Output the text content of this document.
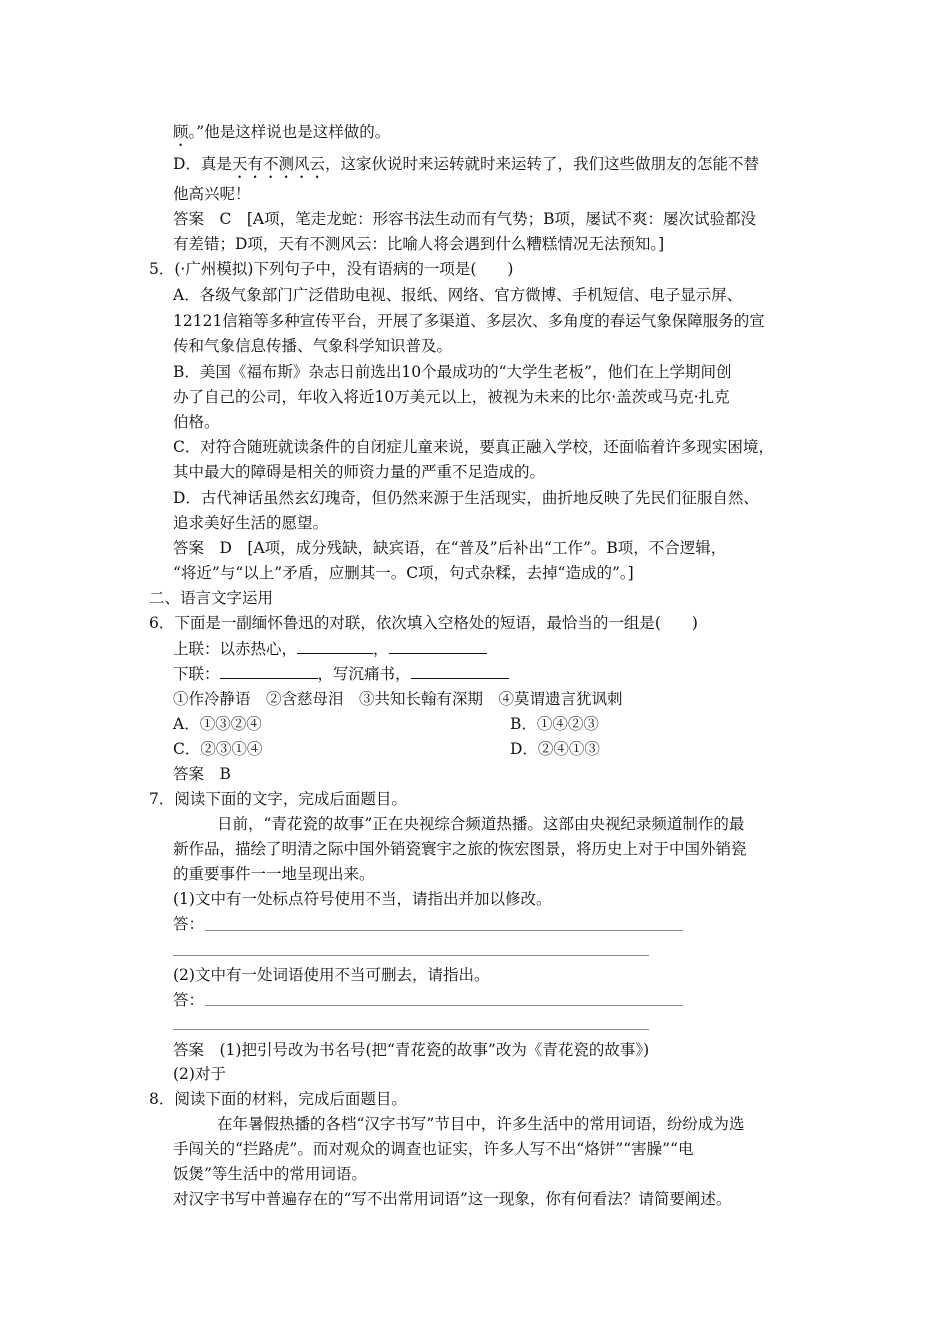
顾。”他是这样说也是这样做的。
D．真是天有不测风云，这家伙说时来运转就时来运转了，我们这些做朋友的怎能不替
他高兴呢！
答案　C　[A项，笔走龙蛇：形容书法生动而有气势；B项，屡试不爽：屡次试验都没
有差错；D项，天有不测风云：比喻人将会遇到什么糟糕情况无法预知。]
5．(·广州模拟)下列句子中，没有语病的一项是(　　)
A．各级气象部门广泛借助电视、报纸、网络、官方微博、手机短信、电子显示屏、
12121信箱等多种宣传平台，开展了多渠道、多层次、多角度的春运气象保障服务的宣
传和气象信息传播、气象科学知识普及。
B．美国《福布斯》杂志日前选出10个最成功的“大学生老板”，他们在上学期间创
办了自己的公司，年收入将近10万美元以上，被视为未来的比尔·盖茨或马克·扎克
伯格。
C．对符合随班就读条件的自闭症儿童来说，要真正融入学校，还面临着许多现实困境，
其中最大的障碍是相关的师资力量的严重不足造成的。
D．古代神话虽然玄幻瑰奇，但仍然来源于生活现实，曲折地反映了先民们征服自然、
追求美好生活的愿望。
答案　D　[A项，成分残缺，缺宾语，在“普及”后补出“工作”。B项，不合逻辑，
“将近”与“以上”矛盾，应删其一。C项，句式杂糅，去掉“造成的”。]
二、语言文字运用
6．下面是一副缅怀鲁迅的对联，依次填入空格处的短语，最恰当的一组是(　　)
上联：以赤热心，	，
下联：	，写沉痛书，
①作冷静语　②含慈母泪　③共知长翰有深期　④莫谓遗言犹讽刺
A．①③②④	B．①④②③
C．②③①④	D．②④①③
答案　B
7．阅读下面的文字，完成后面题目。
日前，“青花瓷的故事”正在央视综合频道热播。这部由央视纪录频道制作的最
新作品，描绘了明清之际中国外销瓷寰宇之旅的恢宏图景，将历史上对于中国外销瓷
的重要事件一一地呈现出来。
(1)文中有一处标点符号使用不当，请指出并加以修改。
答：
(2)文中有一处词语使用不当可删去，请指出。
答：
答案　(1)把引号改为书名号(把“青花瓷的故事”改为《青花瓷的故事》)
(2)对于
8．阅读下面的材料，完成后面题目。
在年暑假热播的各档“汉字书写”节目中，许多生活中的常用词语，纷纷成为选
手闯关的“拦路虎”。而对观众的调查也证实，许多人写不出“烙饼”“害臊”“电
饭煲”等生活中的常用词语。
对汉字书写中普遍存在的“写不出常用词语”这一现象，你有何看法？请简要阐述。
